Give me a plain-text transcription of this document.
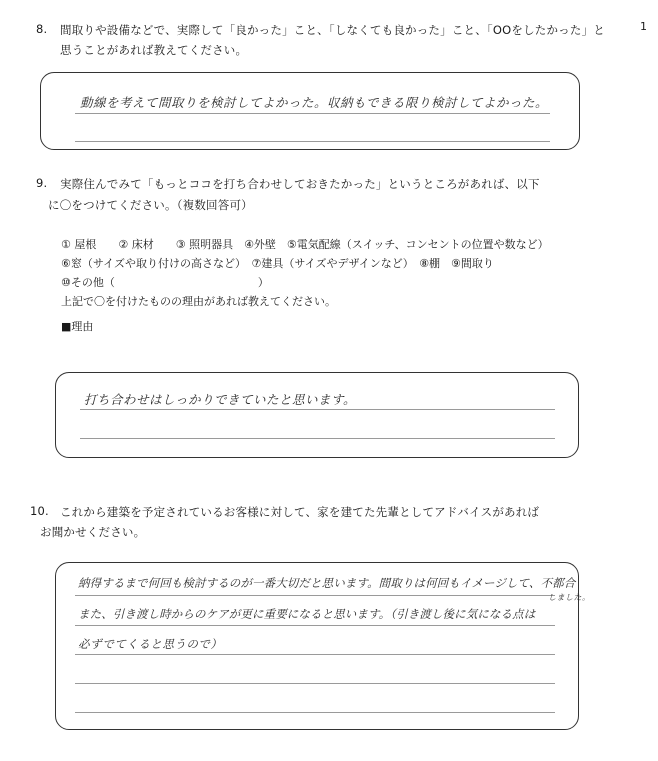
1
8. 間取りや設備などで、実際して「良かった」こと、「しなくても良かった」こと、「OOをしたかった」と
思うことがあれば教えてください。
動線を考えて間取りを検討してよかった。収納もできる限り検討してよかった。
9. 実際住んでみて「もっとココを打ち合わせしておきたかった」というところがあれば、以下
に〇をつけてください。（複数回答可）
① 屋根　　② 床材　　③ 照明器具　④外壁　⑤電気配線（スイッチ、コンセントの位置や数など）
⑥窓（サイズや取り付けの高さなど）　⑦建具（サイズやデザインなど）　⑧棚　⑨間取り
⑩その他（　　　　　　　　　　　　　）
上記で〇を付けたものの理由があれば教えてください。
■理由
打ち合わせはしっかりできていたと思います。
10. これから建築を予定されているお客様に対して、家を建てた先輩としてアドバイスがあれば
お聞かせください。
納得するまで何回も検討するのが一番大切だと思います。間取りは何回もイメージして、不都合
しました。
また、引き渡し時からのケアが更に重要になると思います。（引き渡し後に気になる点は
必ずでてくると思うので）
